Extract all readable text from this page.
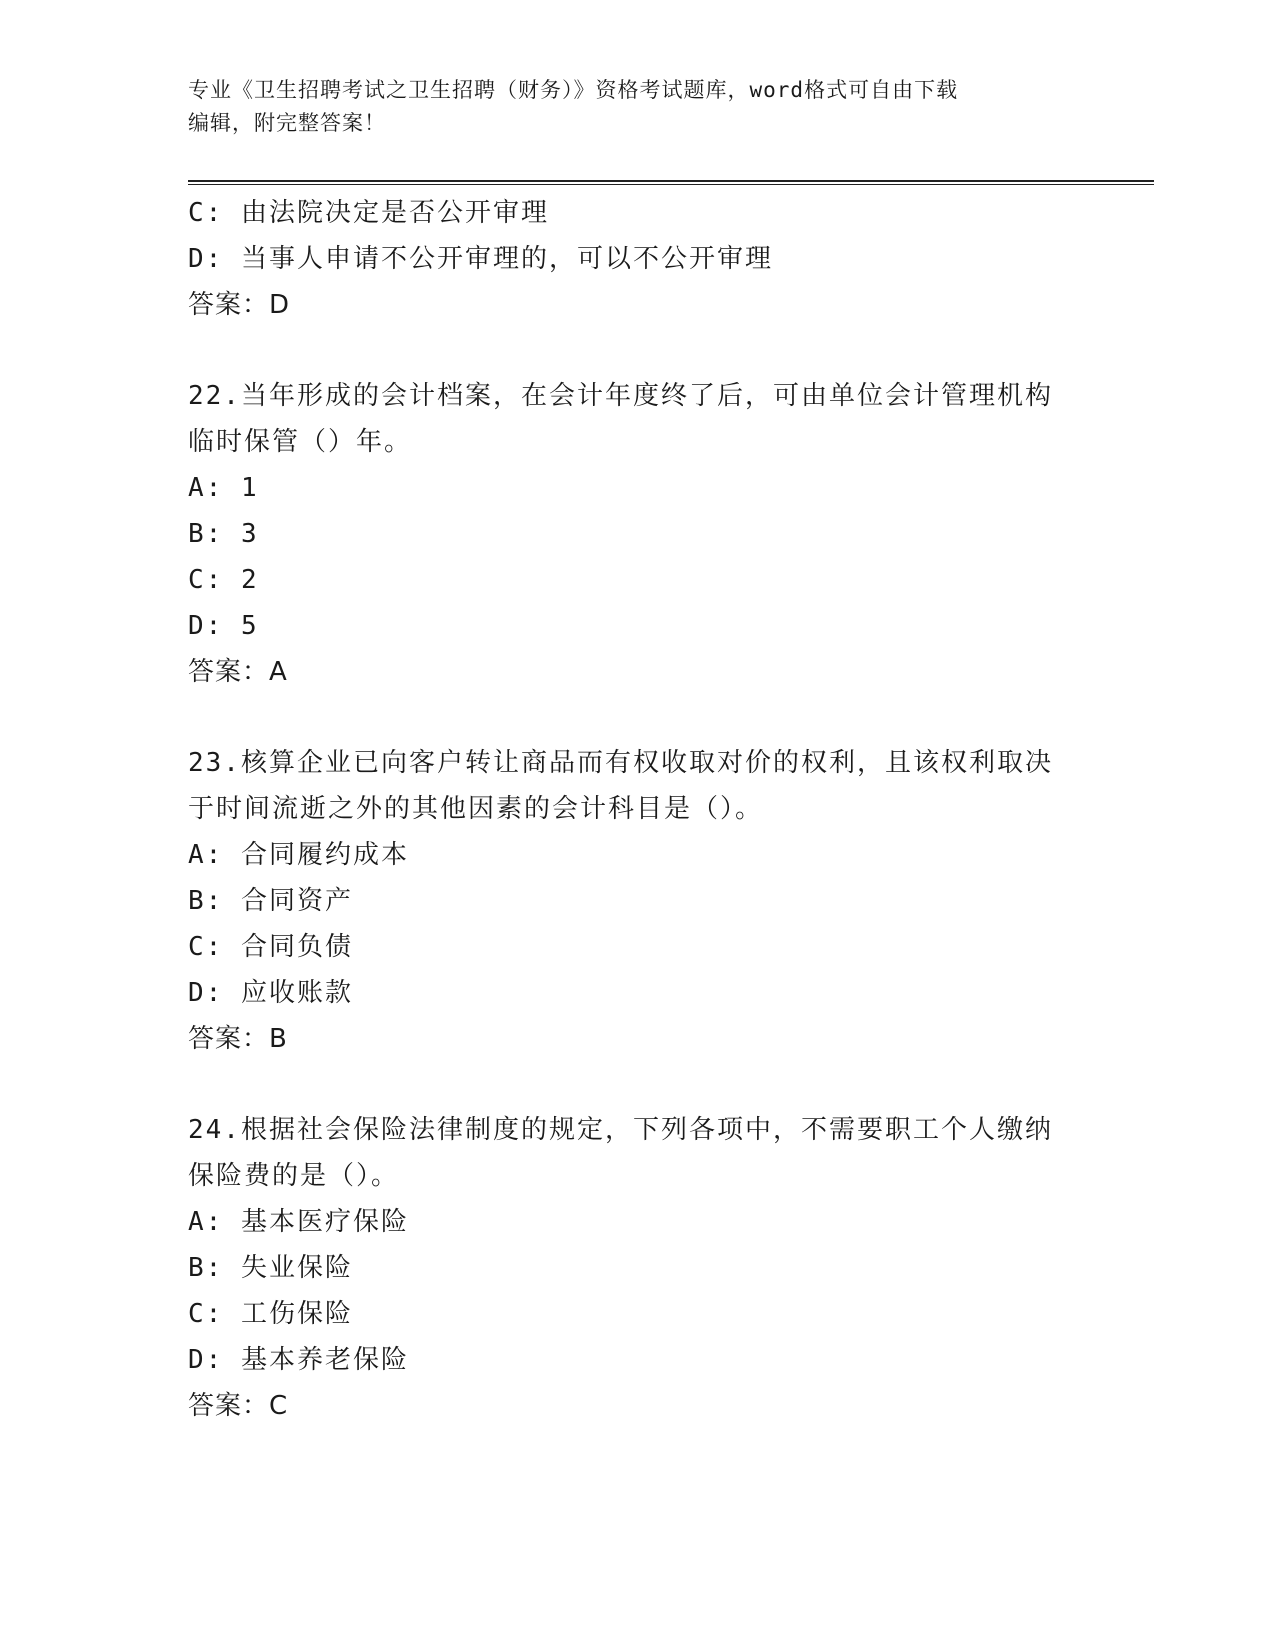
专业《卫生招聘考试之卫生招聘（财务）》资格考试题库，word格式可自由下载
编辑，附完整答案！
C: 由法院决定是否公开审理
D: 当事人申请不公开审理的，可以不公开审理
答案：D
22.当年形成的会计档案，在会计年度终了后，可由单位会计管理机构
临时保管（）年。
A: 1
B: 3
C: 2
D: 5
答案：A
23.核算企业已向客户转让商品而有权收取对价的权利，且该权利取决
于时间流逝之外的其他因素的会计科目是（）。
A: 合同履约成本
B: 合同资产
C: 合同负债
D: 应收账款
答案：B
24.根据社会保险法律制度的规定，下列各项中，不需要职工个人缴纳
保险费的是（）。
A: 基本医疗保险
B: 失业保险
C: 工伤保险
D: 基本养老保险
答案：C
